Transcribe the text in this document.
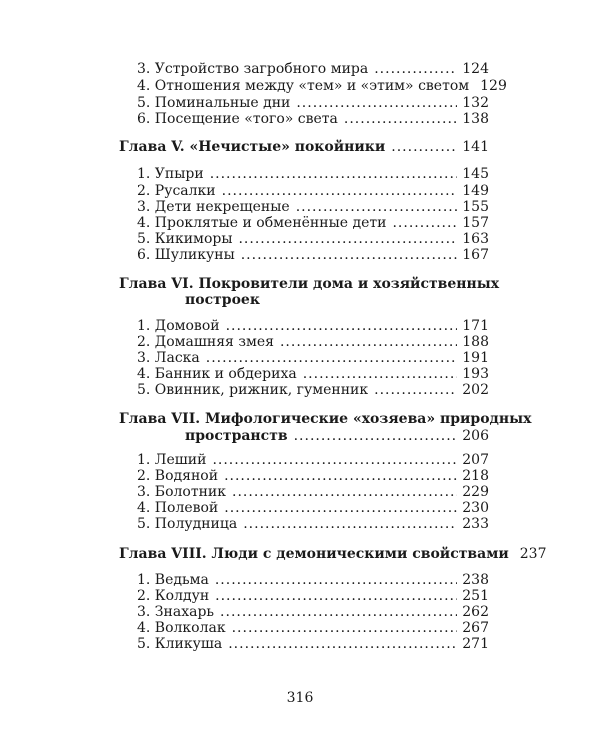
3. Устройство загробного мира .....	124
4. Отношения между «тем» и «этим» светом 129
5. Поминальные дни .....	132
6. Посещение «того» света .....	138
Глава V. «Нечистые» покойники .....	141
1. Упыри .....	145
2. Русалки .....	149
3. Дети некрещеные .....	155
4. Проклятые и обменённые дети .....	157
5. Кикиморы .....	163
6. Шуликуны .....	167
Глава VI. Покровители дома и хозяйственных
построек
1. Домовой .....	171
2. Домашняя змея .....	188
3. Ласка .....	191
4. Банник и обдериха .....	193
5. Овинник, рижник, гуменник .....	202
Глава VII. Мифологические «хозяева» природных
пространств .....	206
1. Леший .....	207
2. Водяной .....	218
3. Болотник .....	229
4. Полевой .....	230
5. Полудница .....	233
Глава VIII. Люди с демоническими свойствами 237
1. Ведьма .....	238
2. Колдун .....	251
3. Знахарь .....	262
4. Волколак .....	267
5. Кликуша .....	271
316
